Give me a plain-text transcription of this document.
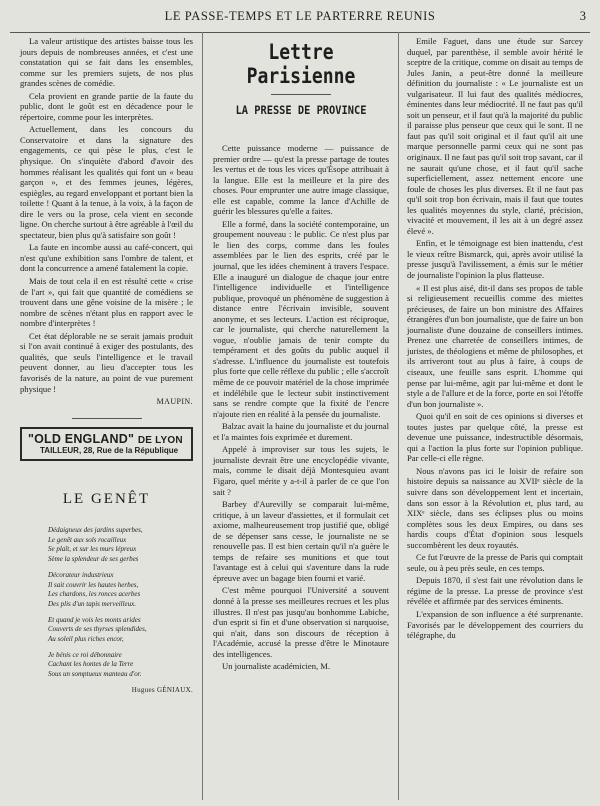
LE PASSE-TEMPS ET LE PARTERRE REUNIS	3

La valeur artistique des artistes baisse tous les jours depuis de nombreuses années, et c'est une constatation qui se fait dans les ensembles, comme sur les premiers sujets, de nos plus grandes scènes de comédie.

Cela provient en grande partie de la faute du public, dont le goût est en décadence pour le répertoire, comme pour les interprètes.

Actuellement, dans les concours du Conservatoire et dans la signature des engagements, ce qui pèse le plus, c'est le physique. On s'inquiète d'abord d'avoir des hommes réalisant les qualités qui font un « beau garçon », et des femmes jeunes, légères, espiègles, au regard enveloppant et portant bien la toilette ! Quant à la tenue, à la voix, à la façon de dire le vers ou la prose, cela vient en seconde ligne. On cherche surtout à être agréable à l'œil du spectateur, bien plus qu'à satisfaire son goût !

La faute en incombe aussi au café-concert, qui n'est qu'une exhibition sans l'ombre de talent, et dont la concurrence a amené fatalement la copie.

Mais de tout cela il en est résulté cette « crise de l'art », qui fait que quantité de comédiens se trouvent dans une gêne voisine de la misère ; le nombre de scènes n'étant plus en rapport avec le nombre d'interprètes !

Cet état déplorable ne se serait jamais produit si l'on avait continué à exiger des postulants, des qualités, que seuls l'intelligence et le travail peuvent donner, au lieu d'accepter tous les favorisés de la nature, au point de vue purement physique !

MAUPIN.
"OLD ENGLAND" DE LYON
TAILLEUR, 28, Rue de la République
LE GENÊT
Dédaigneux des jardins superbes,
Le genêt aux sols rocailleux
Se plaît, et sur les murs lépreux
Sème la splendeur de ses gerbes
Décorateur industrieux
Il sait couvrir les hautes herbes,
Les chardons, les ronces acerbes
Des plis d'un tapis merveilleux.
Et quand je vois les monts arides
Couverts de ses thyrses splendides,
Au soleil plus riches encor,
Je bénis ce roi débonnaire
Cachant les hontes de la Terre
Sous un somptueux manteau d'or.
Hugues GÉNIAUX.
Lettre Parisienne
LA PRESSE DE PROVINCE

Cette puissance moderne — puissance de premier ordre — qu'est la presse partage de toutes les vertus et de tous les vices qu'Ésope attribuait à la langue. Elle est la meilleure et la pire des choses. Pour emprunter une autre image classique, elle est capable, comme la lance d'Achille de guérir les blessures qu'elle a faites.

Elle a formé, dans la société contemporaine, un groupement nouveau : le public. Ce n'est plus par le lien des corps, comme dans les foules assemblées par le lien des esprits, créé par le journal, que les idées cheminent à travers l'espace. Elle a inauguré un dialogue de chaque jour entre l'intelligence individuelle et l'intelligence publique, provoqué un phénomène de suggestion à distance entre l'écrivain invisible, souvent anonyme, et ses lecteurs. L'action est réciproque, car le journaliste, qui cherche naturellement la vogue, n'oublie jamais de tenir compte du tempérament et des goûts du public auquel il s'adresse. L'influence du journaliste est toutefois plus forte que celle réflexe du public ; elle s'accroît même de ce pouvoir matériel de la chose imprimée et indélébile que le lecteur subit instinctivement sans se rendre compte que la fixité de l'encre n'ajoute rien en réalité à la pensée du journaliste.

Balzac avait la haine du journaliste et du journal et l'a maintes fois exprimée et durement.

Appelé à improviser sur tous les sujets, le journaliste devrait être une encyclopédie vivante, mais, comme le disait déjà Montesquieu avant Figaro, quel mérite y a-t-il à parler de ce que l'on sait ?

Barbey d'Aurevilly se comparait lui-même, critique, à un laveur d'assiettes, et il formulait cet axiome, malheureusement trop justifié que, obligé de se dépenser sans cesse, le journaliste ne se renouvelle pas. Il est bien certain qu'il n'a guère le temps de refaire ses munitions et que tout l'avantage est à celui qui s'aventure dans la rude épreuve avec un bagage bien fourni et varié.

C'est même pourquoi l'Université a souvent donné à la presse ses meilleures recrues et les plus illustres. Il n'est pas jusqu'au bonhomme Labiche, d'un esprit si fin et d'une observation si narquoise, qui n'ait, dans son discours de réception à l'Académie, accusé la presse d'être le Minotaure des intelligences.

Un journaliste académicien, M.

Emile Faguet, dans une étude sur Sarcey duquel, par parenthèse, il semble avoir hérité le sceptre de la critique, comme on disait au temps de Jules Janin, a peut-être donné la meilleure définition du journaliste : « Le journaliste est un vulgarisateur. Il lui faut des qualités médiocres, éminentes dans leur médiocrité. Il ne faut pas qu'il soit un penseur, et il faut qu'à la majorité du public il paraisse plus penseur que ceux qui le sont. Il ne faut pas qu'il soit original et il faut qu'il ait une marque personnelle parmi ceux qui ne sont pas originaux. Il ne faut pas qu'il soit trop savant, car il ne saurait qu'une chose, et il faut qu'il sache superficiellement, assez nettement encore une foule de choses les plus diverses. Et il ne faut pas qu'il soit trop bon écrivain, mais il faut que toutes les qualités moyennes du style, clarté, précision, vivacité et mouvement, il les ait à un degré assez élevé ».

Enfin, et le témoignage est bien inattendu, c'est le vieux reître Bismarck, qui, après avoir utilisé la presse jusqu'à l'avilissement, a émis sur le métier de journaliste l'opinion la plus flatteuse.

« Il est plus aisé, dit-il dans ses propos de table si religieusement recueillis comme des miettes précieuses, de faire un bon ministre des Affaires étrangères d'un bon journaliste, que de faire un bon journaliste d'une douzaine de conseillers intimes. Prenez une charretée de conseillers intimes, de juristes, de théologiens et même de philosophes, et ils arriveront tout au plus à faire, à coups de ciseaux, une feuille sans esprit. L'homme qui pense par lui-même, agit par lui-même et dont le style a de l'allure et de la force, porte en soi l'étoffe d'un bon journaliste ».

Quoi qu'il en soit de ces opinions si diverses et toutes justes par quelque côté, la presse est devenue une puissance, indestructible désormais, qui a l'action la plus forte sur l'opinion publique. Par celle-ci elle règne.

Nous n'avons pas ici le loisir de refaire son histoire depuis sa naissance au XVIIᵉ siècle de la suivre dans son développement lent et incertain, dans son essor à la Révolution et, plus tard, au XIXᵉ siècle, dans ses éclipses plus ou moins complètes sous les deux Empires, ou dans ses hardis coups d'État d'opinion sous lesquels succombèrent les deux royautés.

Ce fut l'œuvre de la presse de Paris qui comptait seule, ou à peu près seule, en ces temps.

Depuis 1870, il s'est fait une révolution dans le régime de la presse. La presse de province s'est révélée et affirmée par des services éminents.

L'expansion de son influence a été surprenante. Favorisés par le développement des courriers du télégraphe, du
